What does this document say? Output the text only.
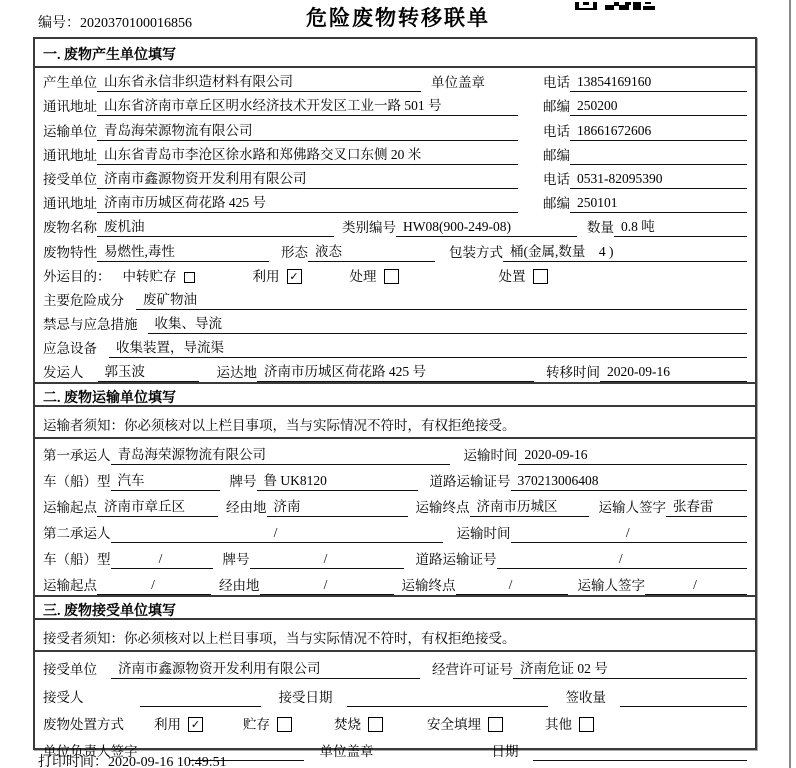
编号：2020370100016856	危险废物转移联单
一. 废物产生单位填写
产生单位 山东省永信非织造材料有限公司	单位盖章	电话 13854169160
通讯地址 山东省济南市章丘区明水经济技术开发区工业一路 501 号	邮编 250200
运输单位 青岛海荣源物流有限公司	电话 18661672606
通讯地址 山东省青岛市李沧区徐水路和郑佛路交叉口东侧 20 米	邮编
接受单位 济南市鑫源物资开发利用有限公司	电话 0531-82095390
通讯地址 济南市历城区荷花路 425 号	邮编 250101
废物名称 废机油	类别编号 HW08(900-249-08)	数量 0.8 吨
废物特性 易燃性,毒性	形态 液态	包装方式 桶(金属,数量　4 )
外运目的： 中转贮存	利用 ✓	处理	处置
主要危险成分	废矿物油
禁忌与应急措施	收集、导流
应急设备	收集装置，导流渠
发运人	郭玉波	运达地 济南市历城区荷花路 425 号	转移时间 2020-09-16
二. 废物运输单位填写
运输者须知：你必须核对以上栏目事项，当与实际情况不符时，有权拒绝接受。
第一承运人 青岛海荣源物流有限公司	运输时间 2020-09-16
车（船）型 汽车	牌号 鲁 UK8120	道路运输证号 370213006408
运输起点 济南市章丘区	经由地 济南	运输终点 济南市历城区	运输人签字 张春雷
第二承运人	/	运输时间	/
车（船）型	/	牌号	/	道路运输证号	/
运输起点	/	经由地	/	运输终点	/	运输人签字	/
三. 废物接受单位填写
接受者须知：你必须核对以上栏目事项，当与实际情况不符时，有权拒绝接受。
接受单位	济南市鑫源物资开发利用有限公司	经营许可证号 济南危证 02 号
接受人	接受日期	签收量
废物处置方式 利用 ✓	贮存	焚烧	安全填埋	其他
单位负责人签字	单位盖章	日期
打印时间：2020-09-16 10:49:51
